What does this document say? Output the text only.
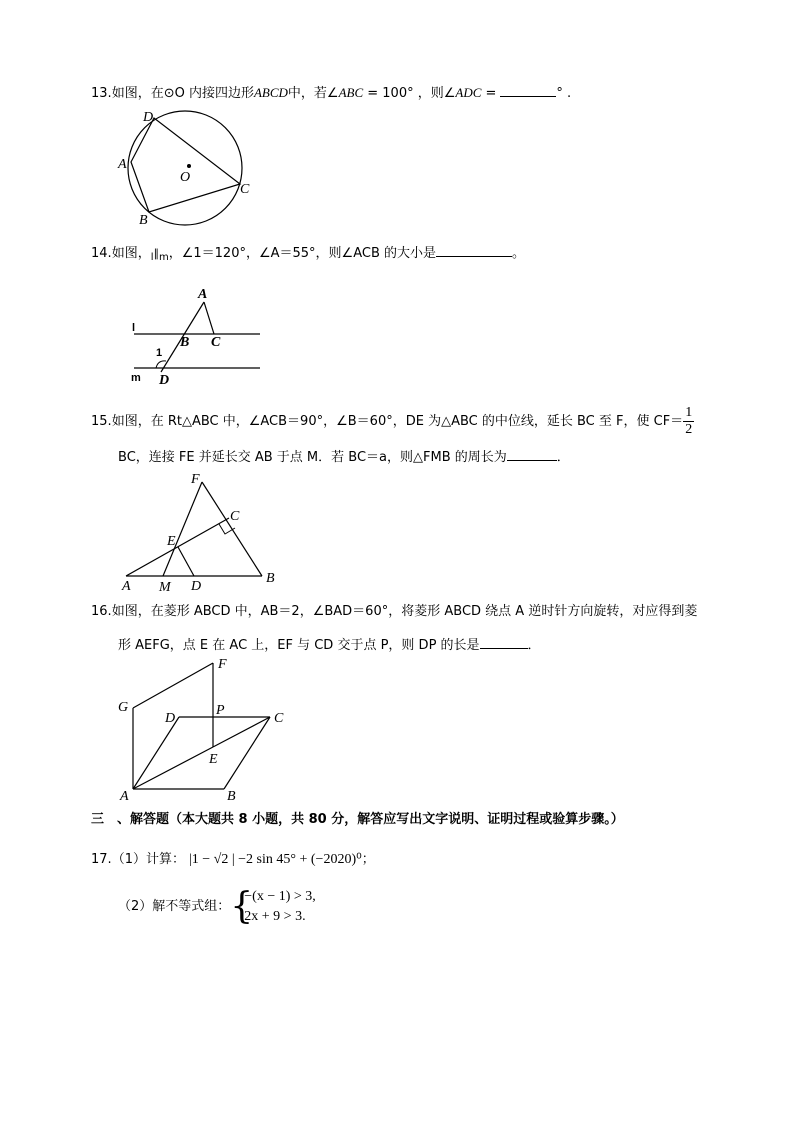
13.如图，在⊙O 内接四边形ABCD中，若∠ABC = 100° ，则∠ADC =	° .
D
A
O
B
C
14.如图，$_l\parallel_m$，∠1＝120°，∠A＝55°，则∠ACB 的大小是	。
A
l
B C
1
m D
15.如图，在 Rt△ABC 中，∠ACB＝90°，∠B＝60°，DE 为△ABC 的中位线，延长 BC 至 F，使 $CF= \frac{1}{2}$
BC，连接 FE 并延长交 AB 于点 M．若 BC＝a，则△FMB 的周长为	．
F
C
E
A M D
B
16.如图，在菱形 ABCD 中，AB＝2，∠BAD＝60°，将菱形 ABCD 绕点 A 逆时针方向旋转，对应得到菱
形 AEFG，点 E 在 AC 上，EF 与 CD 交于点 P，则 DP 的长是	．
F
G
D
P
C
E
A	B
三　、解答题（本大题共 8 小题，共 80 分，解答应写出文字说明、证明过程或验算步骤。）
17.（1）计算： |1 − √2 | −2 sin 45° + (−2020)⁰；
（2）解不等式组： {
−(x − 1) > 3,
2x + 9 > 3.
